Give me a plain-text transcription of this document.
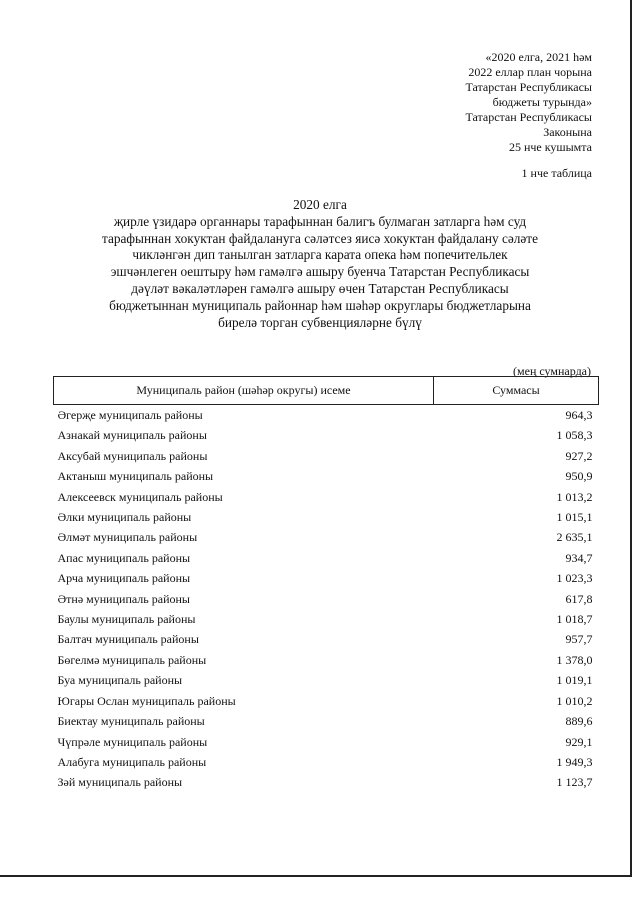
«2020 елга, 2021 һәм
2022 еллар план чорына
Татарстан Республикасы
бюджеты турында»
Татарстан Республикасы
Законына
25 нче кушымта
1 нче таблица
2020 елга
җирле үзидарә органнары тарафыннан балигъ булмаган затларга һәм суд
тарафыннан хокуктан файдалануга сәләтсез яисә хокуктан файдалану сәләте
чикләнгән дип танылган затларга карата опека һәм попечительлек
эшчәнлеген оештыру һәм гамәлгә ашыру буенча Татарстан Республикасы
дәүләт вәкаләтләрен гамәлгә ашыру өчен Татарстан Республикасы
бюджетыннан муниципаль районнар һәм шәһәр округлары бюджетларына
бирелә торган субвенцияләрне бүлү
(мең сумнарда)
Муниципаль район (шәһәр округы) исеме	Суммасы
Әгерҗе муниципаль районы	964,3
Азнакай муниципаль районы	1 058,3
Аксубай муниципаль районы	927,2
Актаныш муниципаль районы	950,9
Алексеевск муниципаль районы	1 013,2
Әлки муниципаль районы	1 015,1
Әлмәт муниципаль районы	2 635,1
Апас муниципаль районы	934,7
Арча муниципаль районы	1 023,3
Әтнә муниципаль районы	617,8
Баулы муниципаль районы	1 018,7
Балтач муниципаль районы	957,7
Бөгелмә муниципаль районы	1 378,0
Буа муниципаль районы	1 019,1
Югары Ослан муниципаль районы	1 010,2
Биектау муниципаль районы	889,6
Чүпрәле муниципаль районы	929,1
Алабуга муниципаль районы	1 949,3
Зәй муниципаль районы	1 123,7
